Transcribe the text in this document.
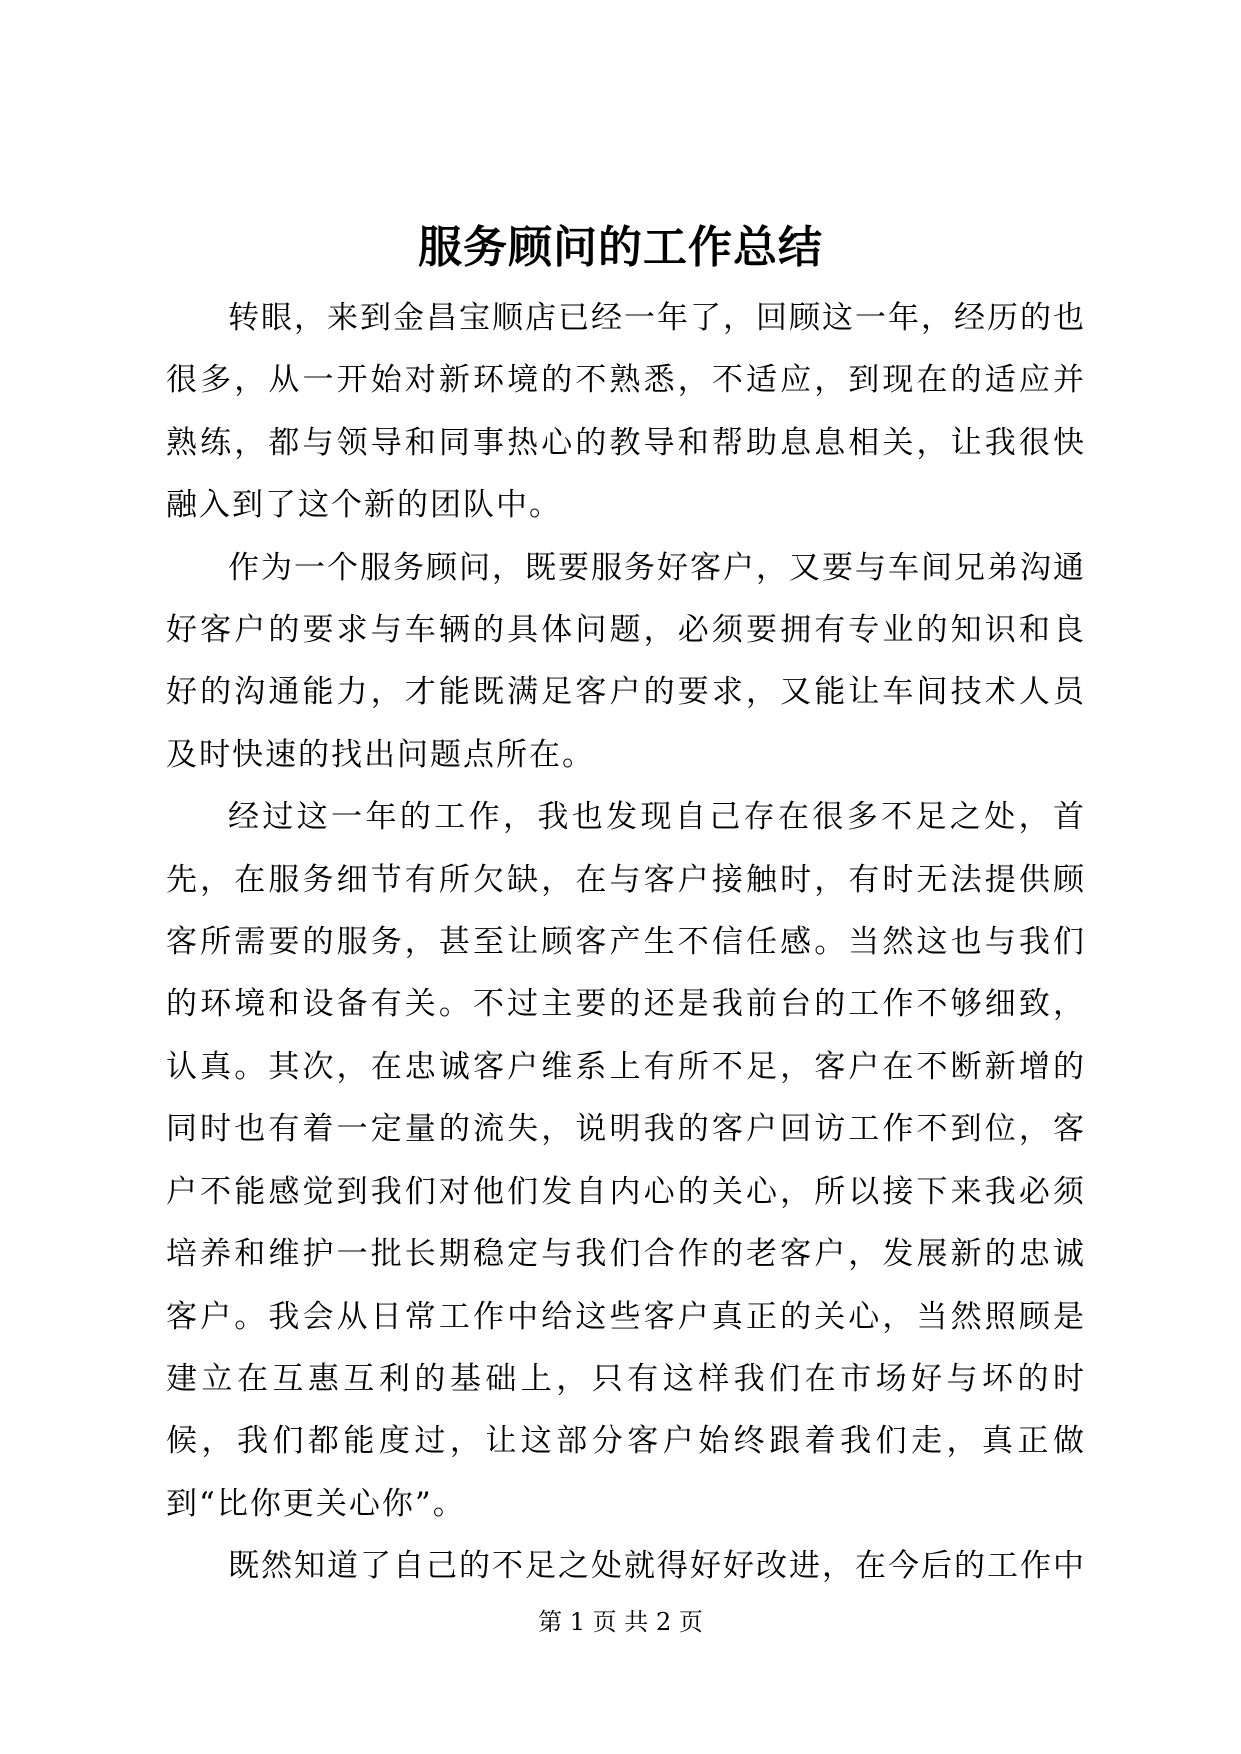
服务顾问的工作总结

转眼，来到金昌宝顺店已经一年了，回顾这一年，经历的也很多，从一开始对新环境的不熟悉，不适应，到现在的适应并熟练，都与领导和同事热心的教导和帮助息息相关，让我很快融入到了这个新的团队中。

作为一个服务顾问，既要服务好客户，又要与车间兄弟沟通好客户的要求与车辆的具体问题，必须要拥有专业的知识和良好的沟通能力，才能既满足客户的要求，又能让车间技术人员及时快速的找出问题点所在。

经过这一年的工作，我也发现自己存在很多不足之处，首先，在服务细节有所欠缺，在与客户接触时，有时无法提供顾客所需要的服务，甚至让顾客产生不信任感。当然这也与我们的环境和设备有关。不过主要的还是我前台的工作不够细致，认真。其次，在忠诚客户维系上有所不足，客户在不断新增的同时也有着一定量的流失，说明我的客户回访工作不到位，客户不能感觉到我们对他们发自内心的关心，所以接下来我必须培养和维护一批长期稳定与我们合作的老客户，发展新的忠诚客户。我会从日常工作中给这些客户真正的关心，当然照顾是建立在互惠互利的基础上，只有这样我们在市场好与坏的时候，我们都能度过，让这部分客户始终跟着我们走，真正做到“比你更关心你”。

既然知道了自己的不足之处就得好好改进，在今后的工作中

第 1 页 共 2 页
